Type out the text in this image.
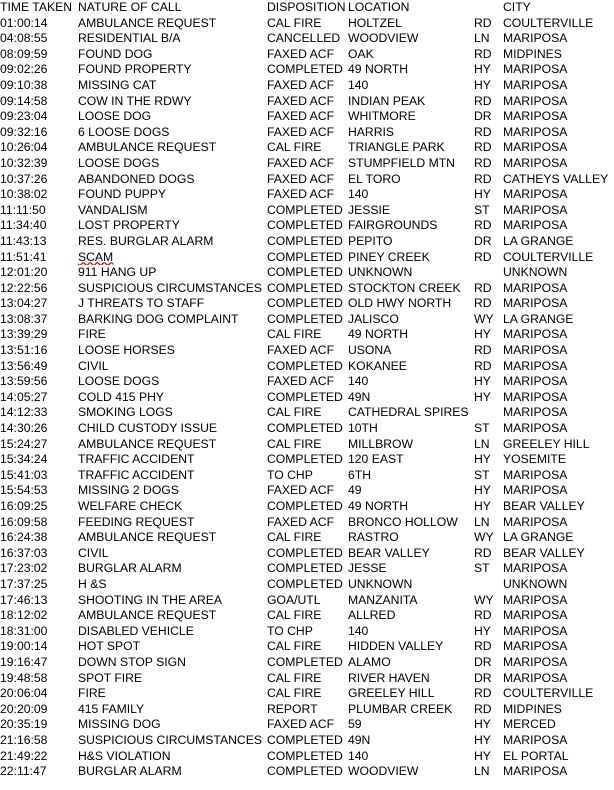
TIME TAKEN	NATURE OF CALL	DISPOSITION	LOCATION		CITY
01:00:14	AMBULANCE REQUEST	CAL FIRE	HOLTZEL	RD	COULTERVILLE
04:08:55	RESIDENTIAL B/A	CANCELLED	WOODVIEW	LN	MARIPOSA
08:09:59	FOUND DOG	FAXED ACF	OAK	RD	MIDPINES
09:02:26	FOUND PROPERTY	COMPLETED	49 NORTH	HY	MARIPOSA
09:10:38	MISSING CAT	FAXED ACF	140	HY	MARIPOSA
09:14:58	COW IN THE RDWY	FAXED ACF	INDIAN PEAK	RD	MARIPOSA
09:23:04	LOOSE DOG	FAXED ACF	WHITMORE	DR	MARIPOSA
09:32:16	6 LOOSE DOGS	FAXED ACF	HARRIS	RD	MARIPOSA
10:26:04	AMBULANCE REQUEST	CAL FIRE	TRIANGLE PARK	RD	MARIPOSA
10:32:39	LOOSE DOGS	FAXED ACF	STUMPFIELD MTN	RD	MARIPOSA
10:37:26	ABANDONED DOGS	FAXED ACF	EL TORO	RD	CATHEYS VALLEY
10:38:02	FOUND PUPPY	FAXED ACF	140	HY	MARIPOSA
11:11:50	VANDALISM	COMPLETED	JESSIE	ST	MARIPOSA
11:34:40	LOST PROPERTY	COMPLETED	FAIRGROUNDS	RD	MARIPOSA
11:43:13	RES. BURGLAR ALARM	COMPLETED	PEPITO	DR	LA GRANGE
11:51:41	SCAM	COMPLETED	PINEY CREEK	RD	COULTERVILLE
12:01:20	911 HANG UP	COMPLETED	UNKNOWN		UNKNOWN
12:22:56	SUSPICIOUS CIRCUMSTANCES	COMPLETED	STOCKTON CREEK	RD	MARIPOSA
13:04:27	J THREATS TO STAFF	COMPLETED	OLD HWY NORTH	RD	MARIPOSA
13:08:37	BARKING DOG COMPLAINT	COMPLETED	JALISCO	WY	LA GRANGE
13:39:29	FIRE	CAL FIRE	49 NORTH	HY	MARIPOSA
13:51:16	LOOSE HORSES	FAXED ACF	USONA	RD	MARIPOSA
13:56:49	CIVIL	COMPLETED	KOKANEE	RD	MARIPOSA
13:59:56	LOOSE DOGS	FAXED ACF	140	HY	MARIPOSA
14:05:27	COLD 415 PHY	COMPLETED	49N	HY	MARIPOSA
14:12:33	SMOKING LOGS	CAL FIRE	CATHEDRAL SPIRES		MARIPOSA
14:30:26	CHILD CUSTODY ISSUE	COMPLETED	10TH	ST	MARIPOSA
15:24:27	AMBULANCE REQUEST	CAL FIRE	MILLBROW	LN	GREELEY HILL
15:34:24	TRAFFIC ACCIDENT	COMPLETED	120 EAST	HY	YOSEMITE
15:41:03	TRAFFIC ACCIDENT	TO CHP	6TH	ST	MARIPOSA
15:54:53	MISSING 2 DOGS	FAXED ACF	49	HY	MARIPOSA
16:09:25	WELFARE CHECK	COMPLETED	49 NORTH	HY	BEAR VALLEY
16:09:58	FEEDING REQUEST	FAXED ACF	BRONCO HOLLOW	LN	MARIPOSA
16:24:38	AMBULANCE REQUEST	CAL FIRE	RASTRO	WY	LA GRANGE
16:37:03	CIVIL	COMPLETED	BEAR VALLEY	RD	BEAR VALLEY
17:23:02	BURGLAR ALARM	COMPLETED	JESSE	ST	MARIPOSA
17:37:25	H &S	COMPLETED	UNKNOWN		UNKNOWN
17:46:13	SHOOTING IN THE AREA	GOA/UTL	MANZANITA	WY	MARIPOSA
18:12:02	AMBULANCE REQUEST	CAL FIRE	ALLRED	RD	MARIPOSA
18:31:00	DISABLED VEHICLE	TO CHP	140	HY	MARIPOSA
19:00:14	HOT SPOT	CAL FIRE	HIDDEN VALLEY	RD	MARIPOSA
19:16:47	DOWN STOP SIGN	COMPLETED	ALAMO	DR	MARIPOSA
19:48:58	SPOT FIRE	CAL FIRE	RIVER HAVEN	DR	MARIPOSA
20:06:04	FIRE	CAL FIRE	GREELEY HILL	RD	COULTERVILLE
20:20:09	415 FAMILY	REPORT	PLUMBAR CREEK	RD	MIDPINES
20:35:19	MISSING DOG	FAXED ACF	59	HY	MERCED
21:16:58	SUSPICIOUS CIRCUMSTANCES	COMPLETED	49N	HY	MARIPOSA
21:49:22	H&S VIOLATION	COMPLETED	140	HY	EL PORTAL
22:11:47	BURGLAR ALARM	COMPLETED	WOODVIEW	LN	MARIPOSA
